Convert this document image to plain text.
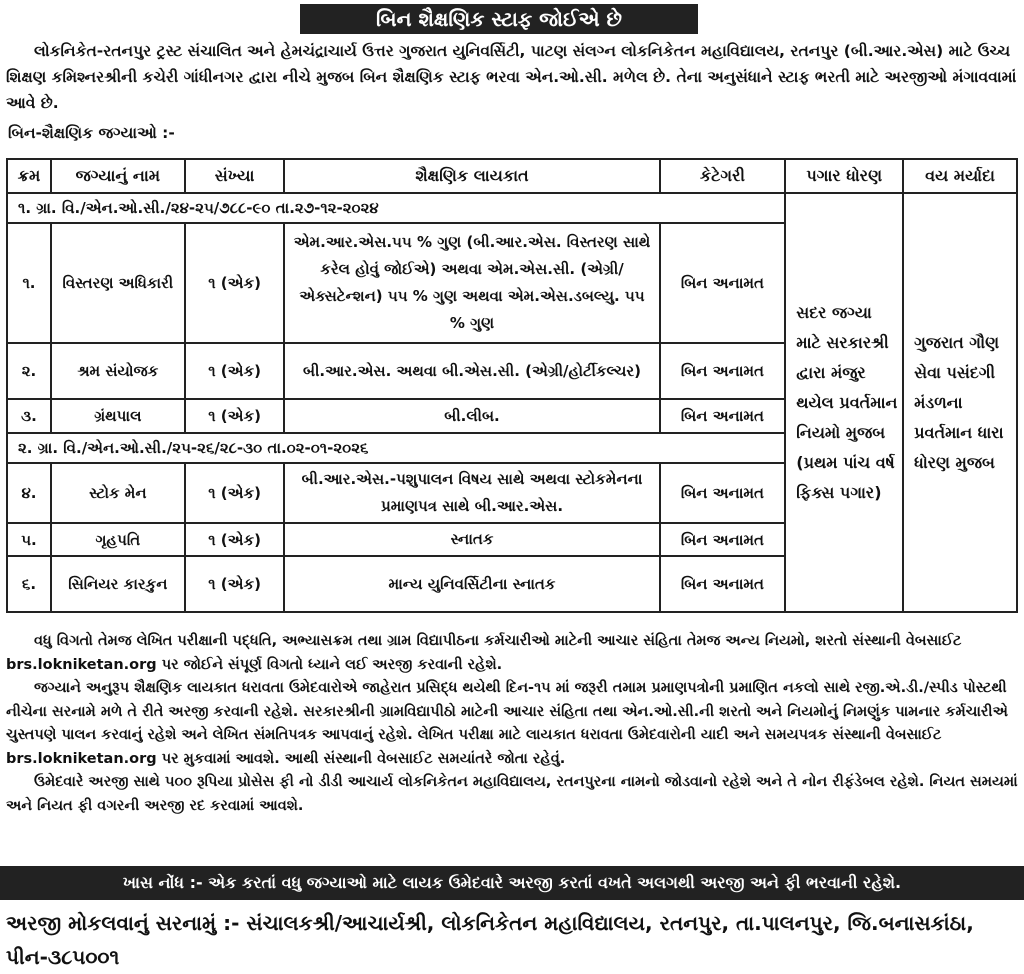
બિન શૈક્ષણિક સ્ટાફ જોઈએ છે

લોકનિકેત-રતનપુર ટ્રસ્ટ સંચાલિત અને હેમચંદ્રાચાર્ય ઉત્તર ગુજરાત યુનિવર્સિટી, પાટણ સંલગ્ન લોકનિકેતન મહાવિદ્યાલય, રતનપુર (બી.આર.એસ) માટે ઉચ્ચ શિક્ષણ કમિશ્નરશ્રીની કચેરી ગાંધીનગર દ્વારા નીચે મુજબ બિન શૈક્ષણિક સ્ટાફ ભરવા એન.ઓ.સી. મળેલ છે. તેના અનુસંધાને સ્ટાફ ભરતી માટે અરજીઓ મંગાવવામાં આવે છે.

બિન-શૈક્ષણિક જગ્યાઓ :-
ક્રમ	જગ્યાનું નામ	સંખ્યા	શૈક્ષણિક લાયકાત	કેટેગરી	પગાર ધોરણ	વય મર્યાદા
૧. ગ્રા. વિ./એન.ઓ.સી./૨૪-૨૫/૭૮૮-૯૦ તા.૨૭-૧૨-૨૦૨૪					સદર જગ્યા માટે સરકારશ્રી દ્વારા મંજુર થયેલ પ્રવર્તમાન નિયમો મુજબ (પ્રથમ પાંચ વર્ષ ફિક્સ પગાર)	ગુજરાત ગૌણ સેવા પસંદગી મંડળના પ્રવર્તમાન ધારા ધોરણ મુજબ
૧.	વિસ્તરણ અધિકારી	૧ (એક)	એમ.આર.એસ.૫૫ % ગુણ (બી.આર.એસ. વિસ્તરણ સાથે કરેલ હોવું જોઈએ) અથવા એમ.એસ.સી. (એગ્રી/એક્સટેન્શન) ૫૫ % ગુણ અથવા એમ.એસ.ડબલ્યુ. ૫૫ % ગુણ	બિન અનામત		
૨.	શ્રમ સંયોજક	૧ (એક)	બી.આર.એસ. અથવા બી.એસ.સી. (એગ્રી/હોર્ટીકલ્ચર)	બિન અનામત		
૩.	ગ્રંથપાલ	૧ (એક)	બી.લીબ.	બિન અનામત		
૨. ગ્રા. વિ./એન.ઓ.સી./૨૫-૨૬/૨૮-૩૦ તા.૦૨-૦૧-૨૦૨૬						
૪.	સ્ટોક મેન	૧ (એક)	બી.આર.એસ.-પશુપાલન વિષય સાથે અથવા સ્ટોકમેનના પ્રમાણપત્ર સાથે બી.આર.એસ.	બિન અનામત		
૫.	ગૃહપતિ	૧ (એક)	સ્નાતક	બિન અનામત		
૬.	સિનિયર કારકુન	૧ (એક)	માન્ય યુનિવર્સિટીના સ્નાતક	બિન અનામત		

વધુ વિગતો તેમજ લેખિત પરીક્ષાની પદ્ધતિ, અભ્યાસક્રમ તથા ગ્રામ વિદ્યાપીઠના કર્મચારીઓ માટેની આચાર સંહિતા તેમજ અન્ય નિયમો, શરતો સંસ્થાની વેબસાઈટ brs.lokniketan.org પર જોઈને સંપૂર્ણ વિગતો ધ્યાને લઈ અરજી કરવાની રહેશે.

જગ્યાને અનુરૂપ શૈક્ષણિક લાયકાત ધરાવતા ઉમેદવારોએ જાહેરાત પ્રસિદ્ધ થયેથી દિન-૧૫ માં જરૂરી તમામ પ્રમાણપત્રોની પ્રમાણિત નકલો સાથે રજી.એ.ડી./સ્પીડ પોસ્ટથી નીચેના સરનામે મળે તે રીતે અરજી કરવાની રહેશે. સરકારશ્રીની ગ્રામવિદ્યાપીઠો માટેની આચાર સંહિતા તથા એન.ઓ.સી.ની શરતો અને નિયમોનું નિમણુંક પામનાર કર્મચારીએ ચુસ્તપણે પાલન કરવાનું રહેશે અને લેખિત સંમતિપત્રક આપવાનું રહેશે. લેખિત પરીક્ષા માટે લાયકાત ધરાવતા ઉમેદવારોની યાદી અને સમયપત્રક સંસ્થાની વેબસાઈટ brs.lokniketan.org પર મુકવામાં આવશે. આથી સંસ્થાની વેબસાઈટ સમયાંતરે જોતા રહેવું.

ઉમેદવારે અરજી સાથે ૫૦૦ રૂપિયા પ્રોસેસ ફી નો ડીડી આચાર્ય લોકનિકેતન મહાવિદ્યાલય, રતનપુરના નામનો જોડવાનો રહેશે અને તે નોન રીફંડેબલ રહેશે. નિયત સમયમાં અને નિયત ફી વગરની અરજી રદ કરવામાં આવશે.

ખાસ નોંધ :- એક કરતાં વધુ જગ્યાઓ માટે લાયક ઉમેદવારે અરજી કરતાં વખતે અલગથી અરજી અને ફી ભરવાની રહેશે.
અરજી મોકલવાનું સરનામું :- સંચાલકશ્રી/આચાર્યશ્રી, લોકનિકેતન મહાવિદ્યાલય, રતનપુર, તા.પાલનપુર, જિ.બનાસકાંઠા, પીન-૩૮૫૦૦૧
